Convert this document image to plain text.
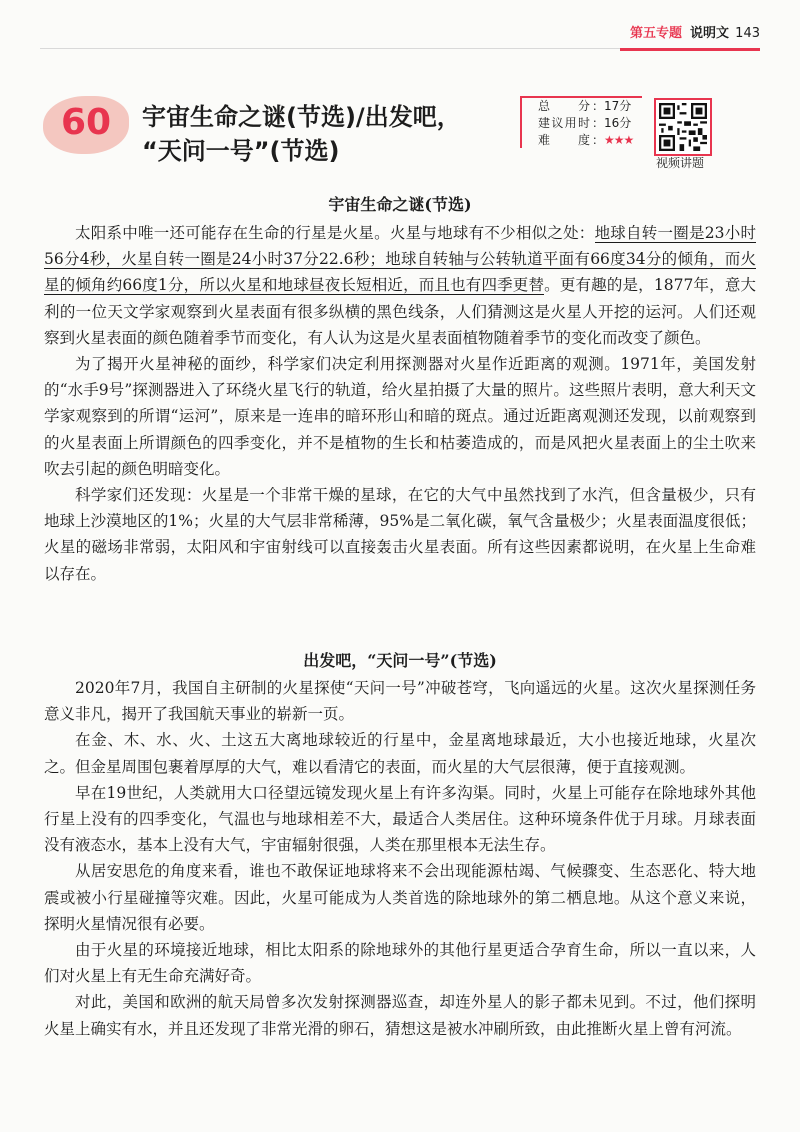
第五专题 说明文 143
60	宇宙生命之谜(节选)/出发吧，
“天问一号”(节选)
总分 ：17分
建议用时 ：16分
难度 ： ★★★
视频讲题
宇宙生命之谜(节选)

太阳系中唯一还可能存在生命的行星是火星。火星与地球有不少相似之处：地球自转一圈是23小时56分4秒，火星自转一圈是24小时37分22.6秒；地球自转轴与公转轨道平面有66度34分的倾角，而火星的倾角约66度1分，所以火星和地球昼夜长短相近，而且也有四季更替。更有趣的是，1877年，意大利的一位天文学家观察到火星表面有很多纵横的黑色线条，人们猜测这是火星人开挖的运河。人们还观察到火星表面的颜色随着季节而变化，有人认为这是火星表面植物随着季节的变化而改变了颜色。

为了揭开火星神秘的面纱，科学家们决定利用探测器对火星作近距离的观测。1971年，美国发射的“水手9号”探测器进入了环绕火星飞行的轨道，给火星拍摄了大量的照片。这些照片表明，意大利天文学家观察到的所谓“运河”，原来是一连串的暗环形山和暗的斑点。通过近距离观测还发现，以前观察到的火星表面上所谓颜色的四季变化，并不是植物的生长和枯萎造成的，而是风把火星表面上的尘土吹来吹去引起的颜色明暗变化。

科学家们还发现：火星是一个非常干燥的星球，在它的大气中虽然找到了水汽，但含量极少，只有地球上沙漠地区的1%；火星的大气层非常稀薄，95%是二氧化碳，氧气含量极少；火星表面温度很低；火星的磁场非常弱，太阳风和宇宙射线可以直接轰击火星表面。所有这些因素都说明，在火星上生命难以存在。

出发吧，“天问一号”(节选)

2020年7月，我国自主研制的火星探使“天问一号”冲破苍穹，飞向遥远的火星。这次火星探测任务意义非凡，揭开了我国航天事业的崭新一页。

在金、木、水、火、土这五大离地球较近的行星中，金星离地球最近，大小也接近地球，火星次之。但金星周围包裹着厚厚的大气，难以看清它的表面，而火星的大气层很薄，便于直接观测。

早在19世纪，人类就用大口径望远镜发现火星上有许多沟渠。同时，火星上可能存在除地球外其他行星上没有的四季变化，气温也与地球相差不大，最适合人类居住。这种环境条件优于月球。月球表面没有液态水，基本上没有大气，宇宙辐射很强，人类在那里根本无法生存。

从居安思危的角度来看，谁也不敢保证地球将来不会出现能源枯竭、气候骤变、生态恶化、特大地震或被小行星碰撞等灾难。因此，火星可能成为人类首选的除地球外的第二栖息地。从这个意义来说，探明火星情况很有必要。

由于火星的环境接近地球，相比太阳系的除地球外的其他行星更适合孕育生命，所以一直以来，人们对火星上有无生命充满好奇。

对此，美国和欧洲的航天局曾多次发射探测器巡查，却连外星人的影子都未见到。不过，他们探明火星上确实有水，并且还发现了非常光滑的卵石，猜想这是被水冲刷所致，由此推断火星上曾有河流。
